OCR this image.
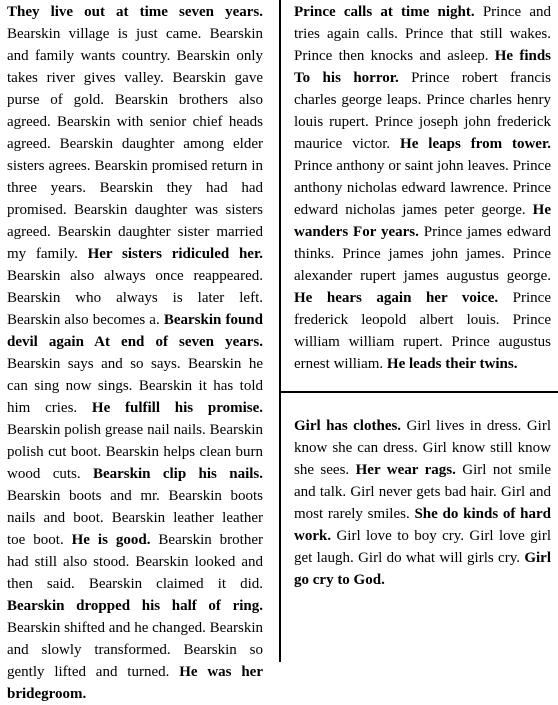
They live out at time seven years. Bearskin village is just came. Bearskin and family wants country. Bearskin only takes river gives valley. Bearskin gave purse of gold. Bearskin brothers also agreed. Bearskin with senior chief heads agreed. Bearskin daughter among elder sisters agrees. Bearskin promised return in three years. Bearskin they had had promised. Bearskin daughter was sisters agreed. Bearskin daughter sister married my family. Her sisters ridiculed her. Bearskin also always once reappeared. Bearskin who always is later left. Bearskin also becomes a. Bearskin found devil again At end of seven years. Bearskin says and so says. Bearskin he can sing now sings. Bearskin it has told him cries. He fulfill his promise. Bearskin polish grease nail nails. Bearskin polish cut boot. Bearskin helps clean burn wood cuts. Bearskin clip his nails. Bearskin boots and mr. Bearskin boots nails and boot. Bearskin leather leather toe boot. He is good. Bearskin brother had still also stood. Bearskin looked and then said. Bearskin claimed it did. Bearskin dropped his half of ring. Bearskin shifted and he changed. Bearskin and slowly transformed. Bearskin so gently lifted and turned. He was her bridegroom.

Prince calls at time night. Prince and tries again calls. Prince that still wakes. Prince then knocks and asleep. He finds To his horror. Prince robert francis charles george leaps. Prince charles henry louis rupert. Prince joseph john frederick maurice victor. He leaps from tower. Prince anthony or saint john leaves. Prince anthony nicholas edward lawrence. Prince edward nicholas james peter george. He wanders For years. Prince james edward thinks. Prince james john james. Prince alexander rupert james augustus george. He hears again her voice. Prince frederick leopold albert louis. Prince william william rupert. Prince augustus ernest william. He leads their twins.

Girl has clothes. Girl lives in dress. Girl know she can dress. Girl know still know she sees. Her wear rags. Girl not smile and talk. Girl never gets bad hair. Girl and most rarely smiles. She do kinds of hard work. Girl love to boy cry. Girl love girl get laugh. Girl do what will girls cry. Girl go cry to God.
